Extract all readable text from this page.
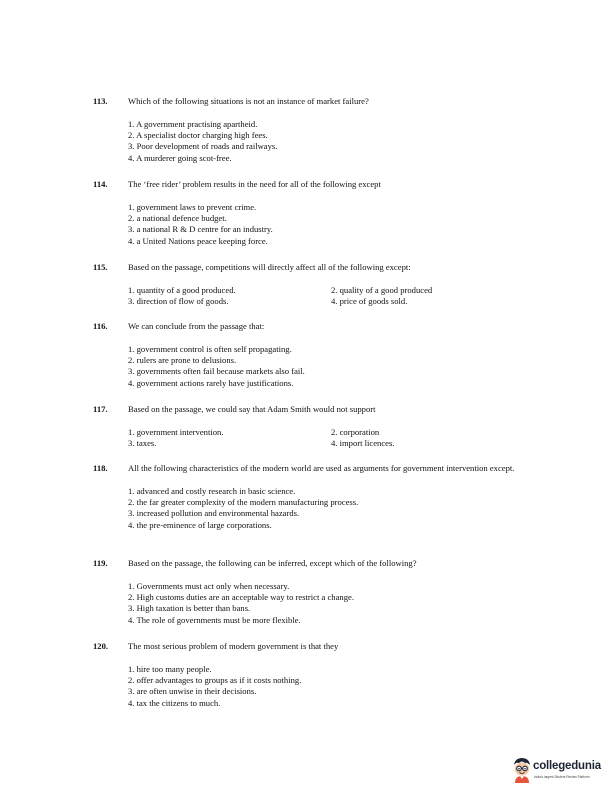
113.	Which of the following situations is not an instance of market failure?
1. A government practising apartheid.
2. A specialist doctor charging high fees.
3. Poor development of roads and railways.
4. A murderer going scot-free.
114.	The ‘free rider’ problem results in the need for all of the following except
1. government laws to prevent crime.
2. a national defence budget.
3. a national R & D centre for an industry.
4. a United Nations peace keeping force.
115.	Based on the passage, competitions will directly affect all of the following except:
1. quantity of a good produced.	2. quality of a good produced
3. direction of flow of goods.	4. price of goods sold.
116.	We can conclude from the passage that:
1. government control is often self propagating.
2. rulers are prone to delusions.
3. governments often fail because markets also fail.
4. government actions rarely have justifications.
117.	Based on the passage, we could say that Adam Smith would not support
1. government intervention.	2. corporation
3. taxes.	4. import licences.
118.	All the following characteristics of the modern world are used as arguments for government intervention except.
1. advanced and costly research in basic science.
2. the far greater complexity of the modern manufacturing process.
3. increased pollution and environmental hazards.
4. the pre-eminence of large corporations.
119.	Based on the passage, the following can be inferred, except which of the following?
1. Governments must act only when necessary.
2. High customs duties are an acceptable way to restrict a change.
3. High taxation is better than bans.
4. The role of governments must be more flexible.
120.	The most serious problem of modern government is that they
1. hire too many people.
2. offer advantages to groups as if it costs nothing.
3. are often unwise in their decisions.
4. tax the citizens to much.
collegedunia
India's largest Student Review Platform
